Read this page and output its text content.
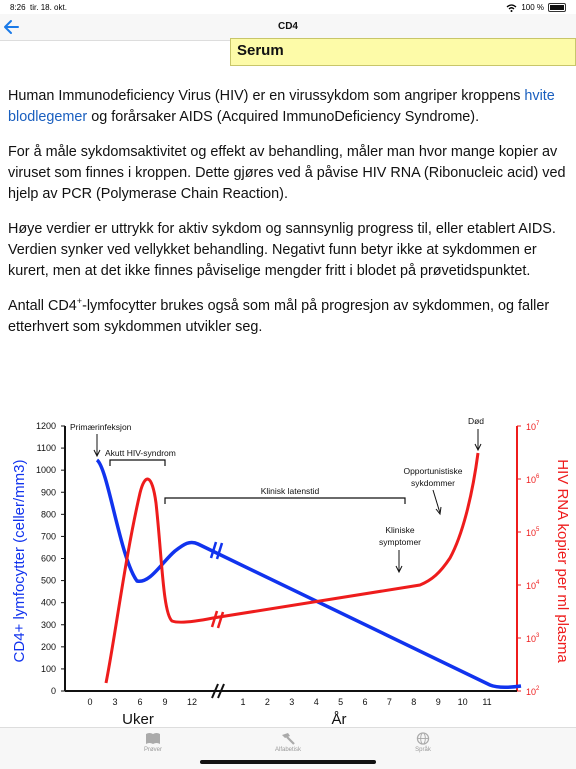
8:26 tir. 18. okt.	100 %
CD4
Serum

Human Immunodeficiency Virus (HIV) er en virussykdom som angriper kroppens hvite blodlegemer og forårsaker AIDS (Acquired ImmunoDeficiency Syndrome).

For å måle sykdomsaktivitet og effekt av behandling, måler man hvor mange kopier av viruset som finnes i kroppen. Dette gjøres ved å påvise HIV RNA (Ribonucleic acid) ved hjelp av PCR (Polymerase Chain Reaction).

Høye verdier er uttrykk for aktiv sykdom og sannsynlig progress til, eller etablert AIDS. Verdien synker ved vellykket behandling. Negativt funn betyr ikke at sykdommen er kurert, men at det ikke finnes påviselige mengder fritt i blodet på prøvetidspunktet.

Antall CD4+-lymfocytter brukes også som mål på progresjon av sykdommen, og faller etterhvert som sykdommen utvikler seg.

CD4+ lymfocytter (celler/mm3)	HIV RNA kopier per ml plasma
0
100
200
300
400
500
600
700
800
900
1000
1100
1200
10 2
10 3
10 4
10 5
10 6
10 7
0 3 6 9 12	1 2 3 4 5 6 7 8 9 10 11
Primærinfeksjon
Akutt HIV-syndrom
Klinisk latenstid
Kliniske
symptomer
Opportunistiske
sykdommer
Død
Uker	År
Prøver	Alfabetisk	Språk
